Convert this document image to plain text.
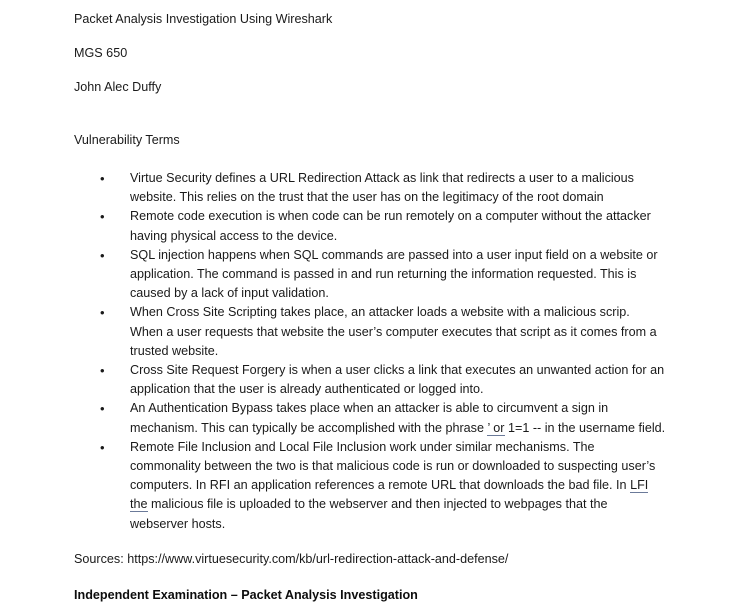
Packet Analysis Investigation Using Wireshark

MGS 650

John Alec Duffy

Vulnerability Terms

• Virtue Security defines a URL Redirection Attack as link that redirects a user to a malicious website. This relies on the trust that the user has on the legitimacy of the root domain
• Remote code execution is when code can be run remotely on a computer without the attacker having physical access to the device.
• SQL injection happens when SQL commands are passed into a user input field on a website or application. The command is passed in and run returning the information requested. This is caused by a lack of input validation.
• When Cross Site Scripting takes place, an attacker loads a website with a malicious scrip. When a user requests that website the user’s computer executes that script as it comes from a trusted website.
• Cross Site Request Forgery is when a user clicks a link that executes an unwanted action for an application that the user is already authenticated or logged into.
• An Authentication Bypass takes place when an attacker is able to circumvent a sign in mechanism. This can typically be accomplished with the phrase ’ or 1=1 -- in the username field.
• Remote File Inclusion and Local File Inclusion work under similar mechanisms. The commonality between the two is that malicious code is run or downloaded to suspecting user’s computers. In RFI an application references a remote URL that downloads the bad file. In LFI the malicious file is uploaded to the webserver and then injected to webpages that the webserver hosts.

Sources: https://www.virtuesecurity.com/kb/url-redirection-attack-and-defense/

Independent Examination – Packet Analysis Investigation
